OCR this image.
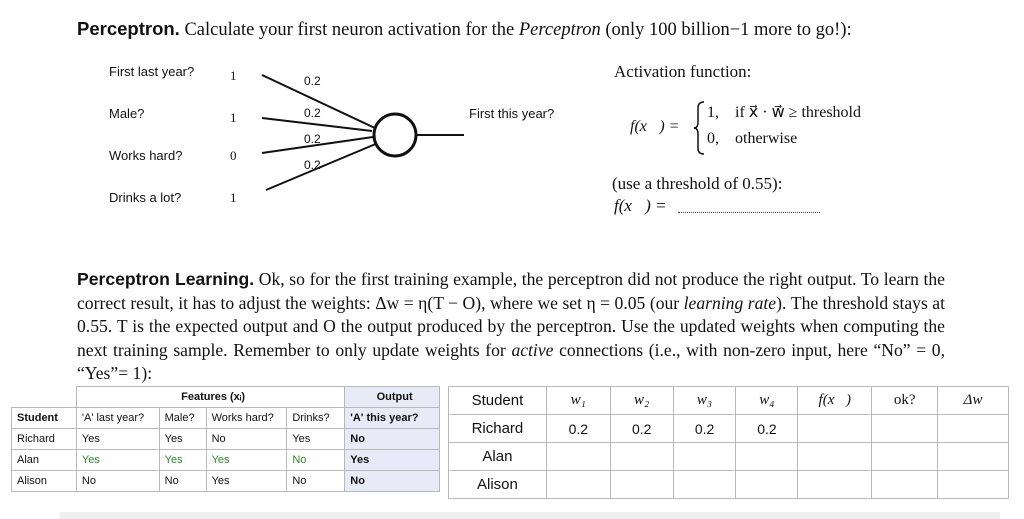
Perceptron. Calculate your first neuron activation for the Perceptron (only 100 billion−1 more to go!):
First last year?
Male?
Works hard?
Drinks a lot?
1
1
0
1
0.2
0.2
0.2
0.2
First this year?
Activation function:
f(x⃗) =
1, if x⃗ · w⃗ ≥ threshold
0, otherwise
(use a threshold of 0.55):
f(x⃗) =
Perceptron Learning. Ok, so for the first training example, the perceptron did not produce the right output. To learn the correct result, it has to adjust the weights: Δw = η(T − O), where we set η = 0.05 (our learning rate). The threshold stays at 0.55. T is the expected output and O the output produced by the perceptron. Use the updated weights when computing the next training sample. Remember to only update weights for active connections (i.e., with non-zero input, here “No” = 0, “Yes”= 1):
	Features (xᵢ)				Output
Student	'A' last year?	Male?	Works hard?	Drinks?	'A' this year?
Richard	Yes	Yes	No	Yes	No
Alan	Yes	Yes	Yes	No	Yes
Alison	No	No	Yes	No	No
Student	w₁	w₂	w₃	w₄	f(x⃗)	ok?	Δw
Richard	0.2	0.2	0.2	0.2			
Alan							
Alison							
